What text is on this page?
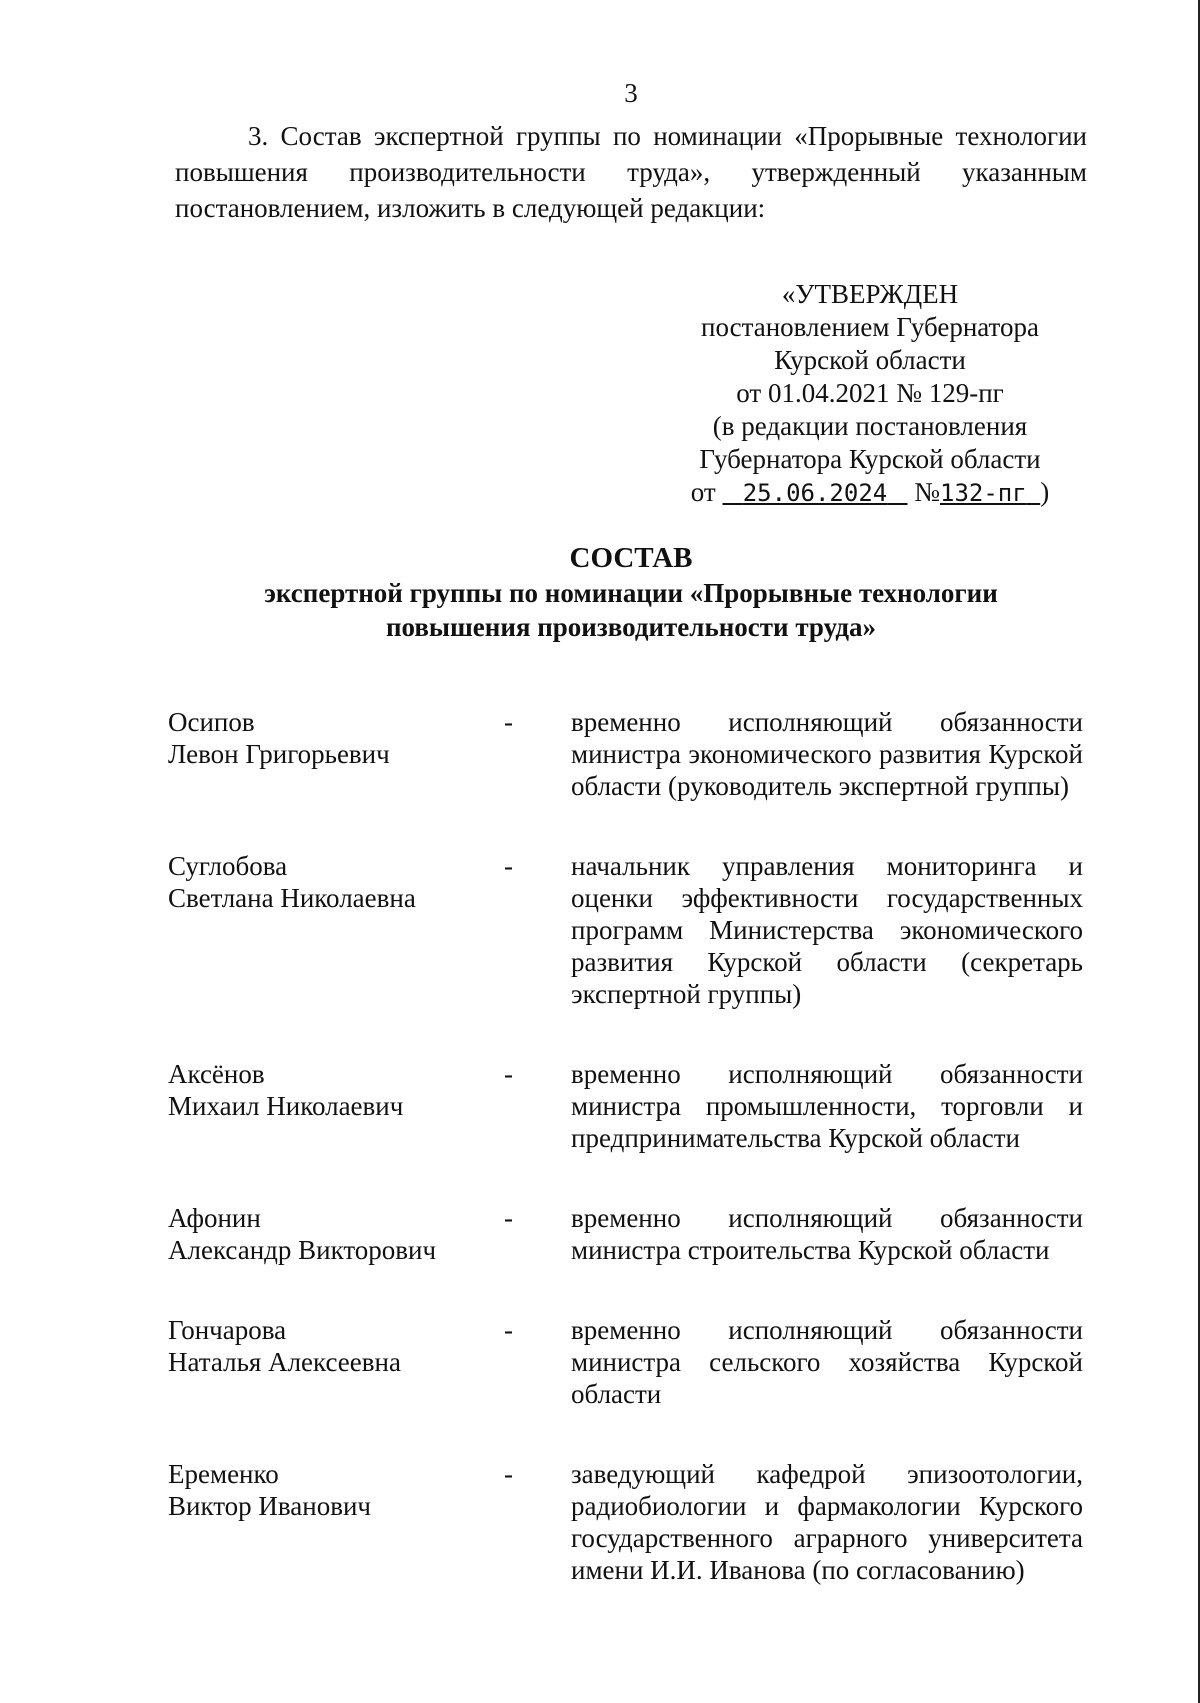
3
3. Состав экспертной группы по номинации «Прорывные технологии повышения производительности труда», утвержденный указанным постановлением, изложить в следующей редакции:
«УТВЕРЖДЕН
постановлением Губернатора
Курской области
от 01.04.2021 № 129-пг
(в редакции постановления
Губернатора Курской области
от 25.06.2024 №132-пг )
СОСТАВ
экспертной группы по номинации «Прорывные технологии
повышения производительности труда»
Осипов
Левон Григорьевич
-	временно исполняющий обязанности министра экономического развития Курской области (руководитель экспертной группы)
Суглобова
Светлана Николаевна
-	начальник управления мониторинга и оценки эффективности государственных программ Министерства экономического развития Курской области (секретарь экспертной группы)
Аксёнов
Михаил Николаевич
-	временно исполняющий обязанности министра промышленности, торговли и предпринимательства Курской области
Афонин
Александр Викторович
-	временно исполняющий обязанности министра строительства Курской области
Гончарова
Наталья Алексеевна
-	временно исполняющий обязанности министра сельского хозяйства Курской области
Еременко
Виктор Иванович
-	заведующий кафедрой эпизоотологии, радиобиологии и фармакологии Курского государственного аграрного университета имени И.И. Иванова (по согласованию)
